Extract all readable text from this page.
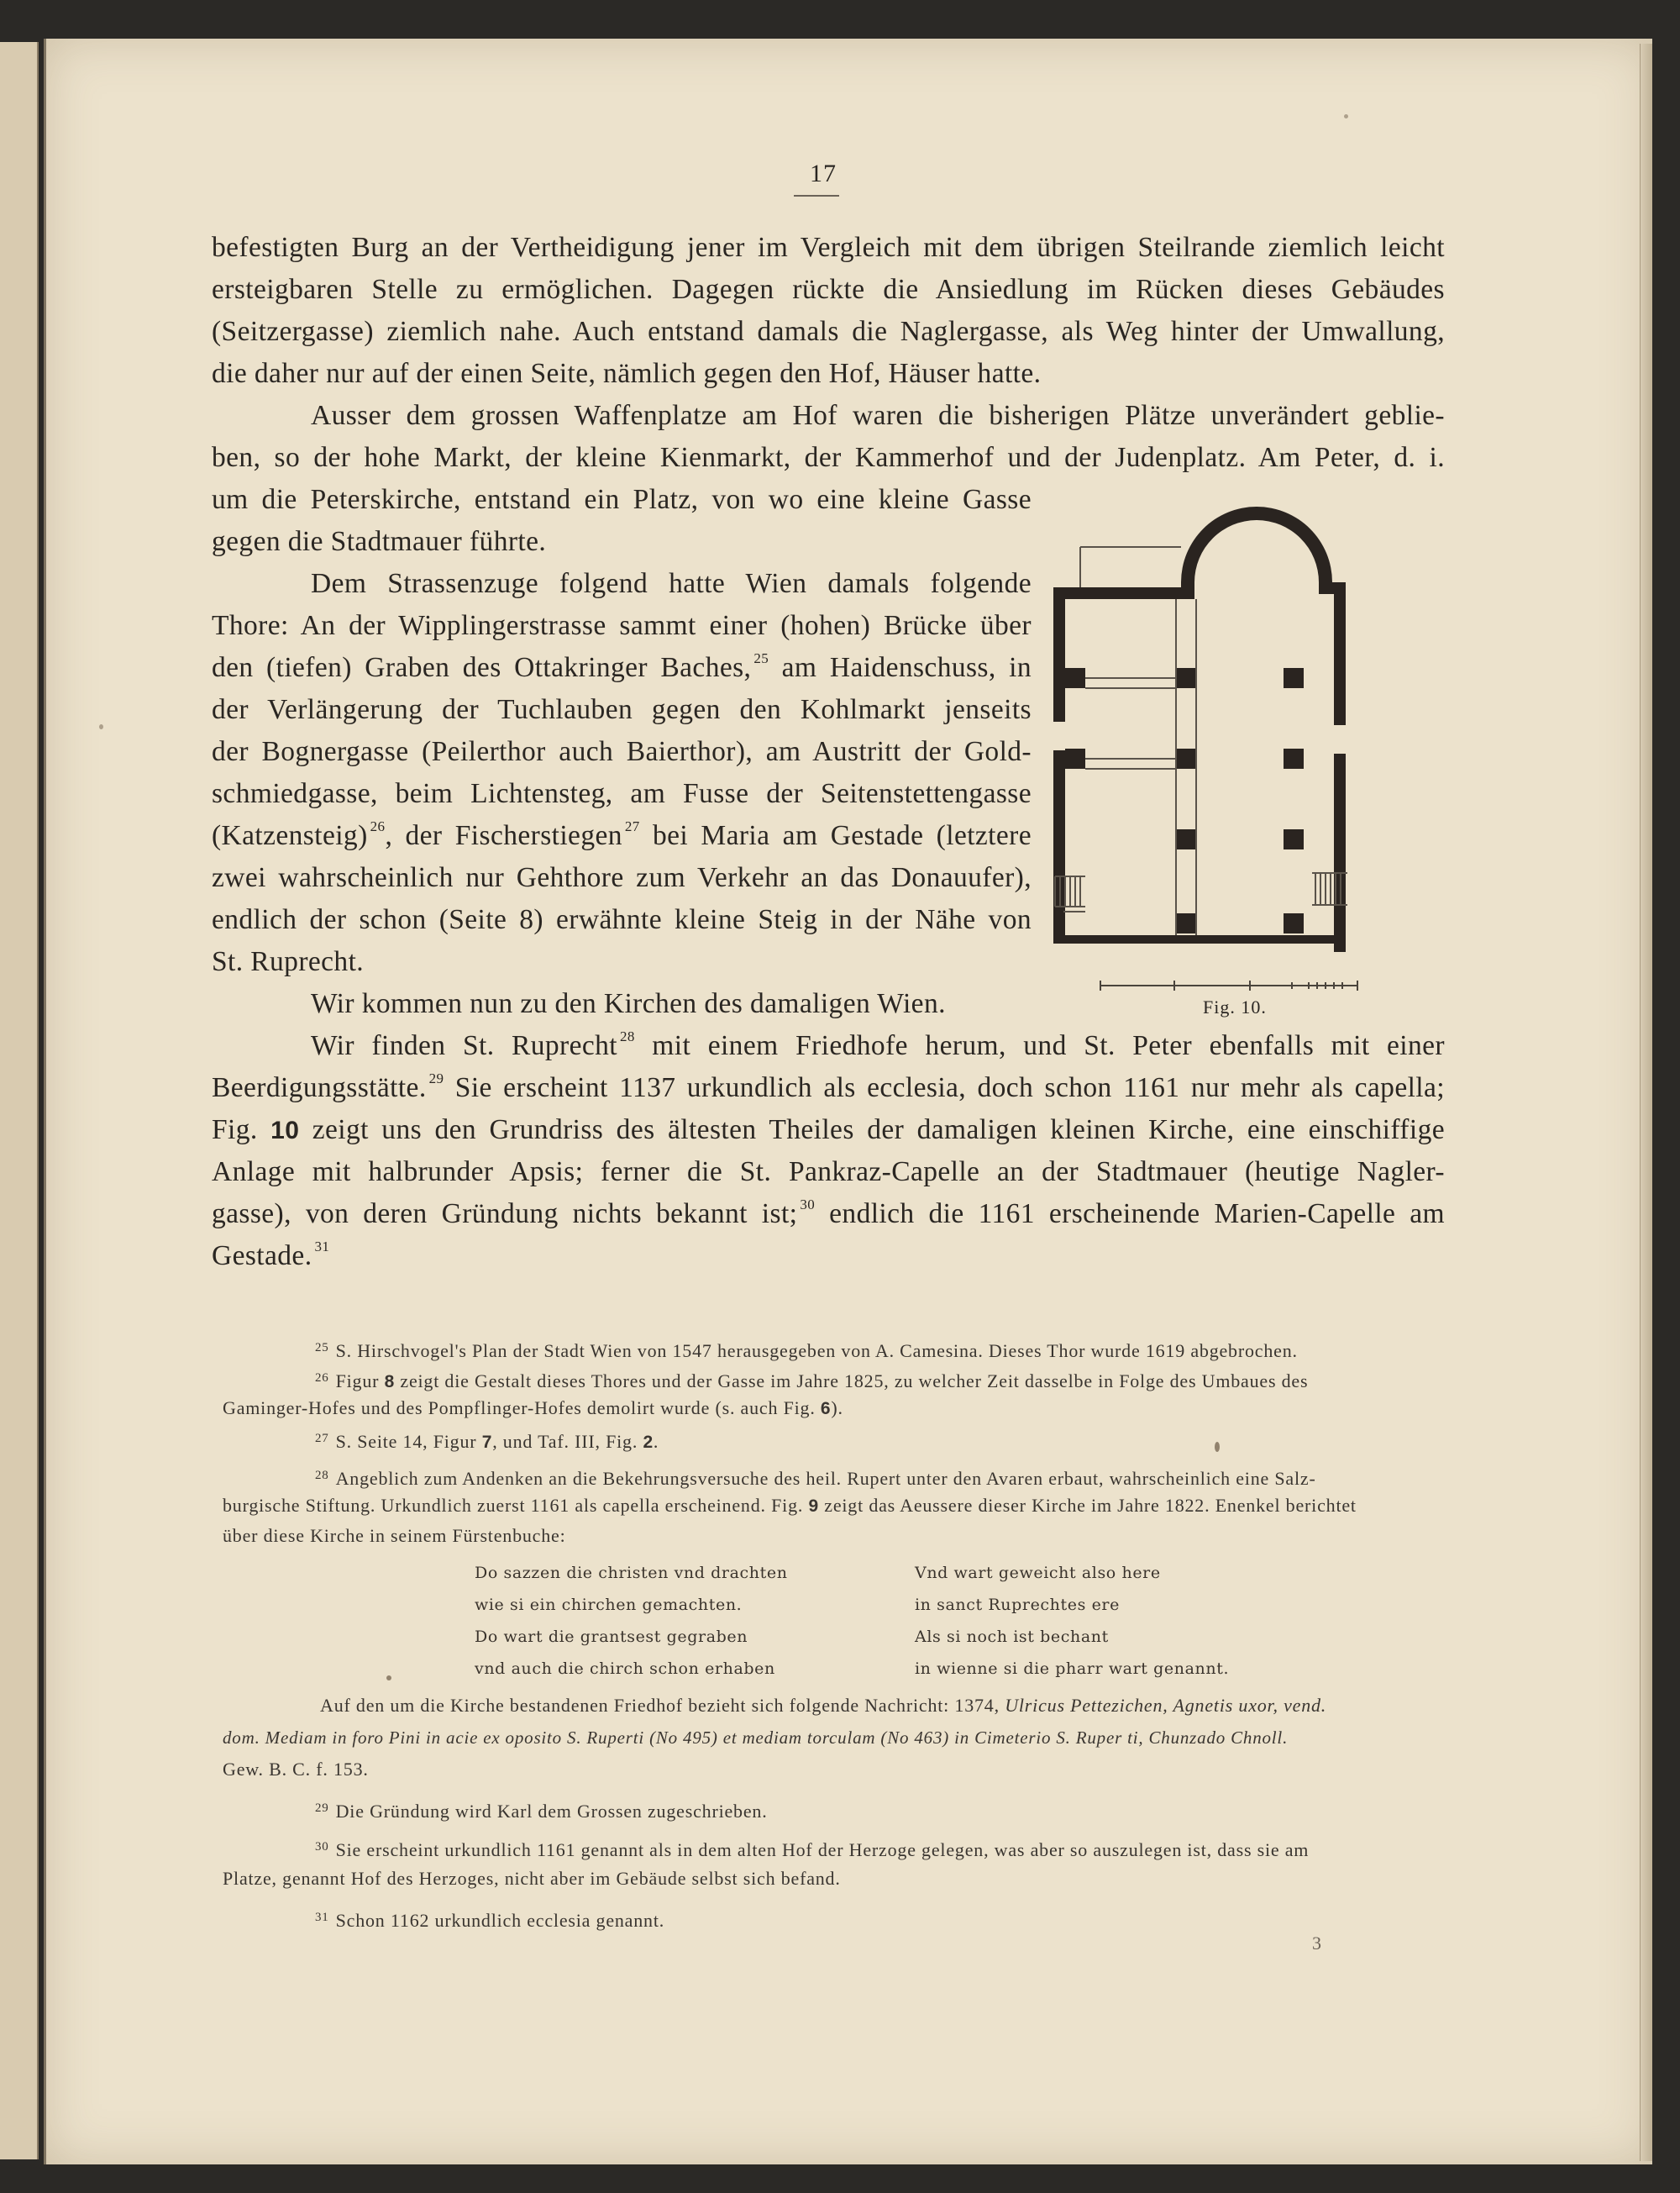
17
befestigten Burg an der Vertheidigung jener im Vergleich mit dem übrigen Steilrande ziemlich leicht
ersteigbaren Stelle zu ermöglichen. Dagegen rückte die Ansiedlung im Rücken dieses Gebäudes
(Seitzergasse) ziemlich nahe. Auch entstand damals die Naglergasse, als Weg hinter der Umwallung,
die daher nur auf der einen Seite, nämlich gegen den Hof, Häuser hatte.
Ausser dem grossen Waffenplatze am Hof waren die bisherigen Plätze unverändert geblie-
ben, so der hohe Markt, der kleine Kienmarkt, der Kammerhof und der Judenplatz. Am Peter, d. i.
um die Peterskirche, entstand ein Platz, von wo eine kleine Gasse
gegen die Stadtmauer führte.
Dem Strassenzuge folgend hatte Wien damals folgende
Thore: An der Wipplingerstrasse sammt einer (hohen) Brücke über
den (tiefen) Graben des Ottakringer Baches, $^{25}$ am Haidenschuss, in
der Verlängerung der Tuchlauben gegen den Kohlmarkt jenseits
der Bognergasse (Peilerthor auch Baierthor), am Austritt der Gold-
schmiedgasse, beim Lichtensteg, am Fusse der Seitenstettengasse
(Katzensteig) $^{26}$, der Fischerstiegen $^{27}$ bei Maria am Gestade (letztere
zwei wahrscheinlich nur Gehthore zum Verkehr an das Donauufer),
endlich der schon (Seite 8) erwähnte kleine Steig in der Nähe von
St. Ruprecht.
Wir kommen nun zu den Kirchen des damaligen Wien.
Wir finden St. Ruprecht $^{28}$ mit einem Friedhofe herum, und St. Peter ebenfalls mit einer
Beerdigungsstätte. $^{29}$ Sie erscheint 1137 urkundlich als ecclesia, doch schon 1161 nur mehr als capella;
Fig. 10 zeigt uns den Grundriss des ältesten Theiles der damaligen kleinen Kirche, eine einschiffige
Anlage mit halbrunder Apsis; ferner die St. Pankraz-Capelle an der Stadtmauer (heutige Nagler-
gasse), von deren Gründung nichts bekannt ist; $^{30}$ endlich die 1161 erscheinende Marien-Capelle am
Gestade. $^{31}$
Fig. 10.
$^{25}$ S. Hirschvogel's Plan der Stadt Wien von 1547 herausgegeben von A. Camesina. Dieses Thor wurde 1619 abgebrochen.
$^{26}$ Figur 8 zeigt die Gestalt dieses Thores und der Gasse im Jahre 1825, zu welcher Zeit dasselbe in Folge des Umbaues des
Gaminger-Hofes und des Pompflinger-Hofes demolirt wurde (s. auch Fig. 6).
$^{27}$ S. Seite 14, Figur 7, und Taf. III, Fig. 2.
$^{28}$ Angeblich zum Andenken an die Bekehrungsversuche des heil. Rupert unter den Avaren erbaut, wahrscheinlich eine Salz-
burgische Stiftung. Urkundlich zuerst 1161 als capella erscheinend. Fig. 9 zeigt das Aeussere dieser Kirche im Jahre 1822. Enenkel berichtet
über diese Kirche in seinem Fürstenbuche:
Do sazzen die christen vnd drachten
wie si ein chirchen gemachten.
Do wart die grantsest gegraben
vnd auch die chirch schon erhaben
Vnd wart geweicht also here
in sanct Ruprechtes ere
Als si noch ist bechant
in wienne si die pharr wart genannt.
Auf den um die Kirche bestandenen Friedhof bezieht sich folgende Nachricht: 1374, Ulricus Pettezichen, Agnetis uxor, vend.
dom. Mediam in foro Pini in acie ex oposito S. Ruperti (No 495) et mediam torculam (No 463) in Cimeterio S. Ruper ti, Chunzado Chnoll.
Gew. B. C. f. 153.
$^{29}$ Die Gründung wird Karl dem Grossen zugeschrieben.
$^{30}$ Sie erscheint urkundlich 1161 genannt als in dem alten Hof der Herzoge gelegen, was aber so auszulegen ist, dass sie am
Platze, genannt Hof des Herzoges, nicht aber im Gebäude selbst sich befand.
$^{31}$ Schon 1162 urkundlich ecclesia genannt.
3
